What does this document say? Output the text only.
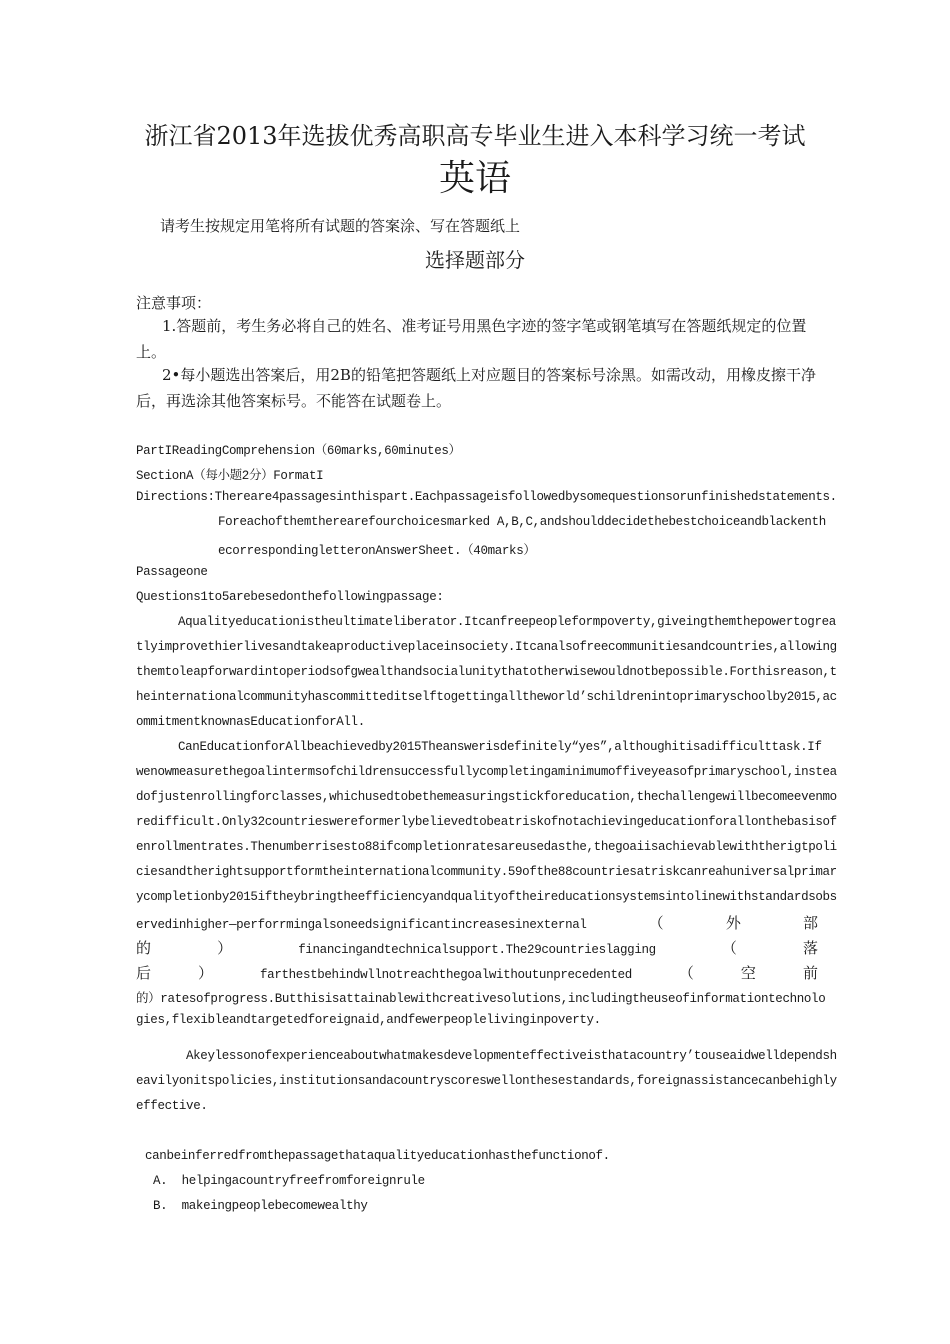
浙江省2013年选拔优秀高职高专毕业生进入本科学习统一考试
英语

请考生按规定用笔将所有试题的答案涂、写在答题纸上

选择题部分

注意事项：

1.答题前，考生务必将自己的姓名、准考证号用黑色字迹的签字笔或钢笔填写在答题纸规定的位置上。

2•每小题选出答案后，用2B的铅笔把答题纸上对应题目的答案标号涂黑。如需改动，用橡皮擦干净后，再选涂其他答案标号。不能答在试题卷上。

PartIReadingComprehension（60marks,60minutes）

SectionA（每小题2分）FormatI

Directions:Thereare4passagesinthispart.Eachpassageisfollowedbysomequestionsorunfinishedstatements.

Foreachofthemtherearefourchoicesmarked A,B,C,andshoulddecidethebestchoiceandblackenth

ecorrespondingletteronAnswerSheet.（40marks）

Passageone

Questions1to5arebesedonthefollowingpassage:

Aqualityeducationistheultimateliberator.Itcanfreepeopleformpoverty,giveingthemthepowertogrea

tlyimprovethierlivesandtakeaproductiveplaceinsociety.Itcanalsofreecommunitiesandcountries,allowing

themtoleapforwardintoperiodsofgwealthandsocialunitythatotherwisewouldnotbepossible.Forthisreason,t

heinternationalcommunityhascommitteditselftogettingalltheworld’schildrenintoprimaryschoolby2015,ac

ommitmentknownasEducationforAll.

CanEducationforAllbeachievedby2015Theanswerisdefinitely“yes”,althoughitisadifficulttask.If

wenowmeasurethegoalintermsofchildrensuccessfullycompletingaminimumoffiveyeasofprimaryschool,instea

dofjustenrollingforclasses,whichusedtobethemeasuringstickforeducation,thechallengewillbecomeevenmo

redifficult.Only32countrieswereformerlybelievedtobeatriskofnotachievingeducationforallonthebasisof

enrollmentrates.Thenumberrisesto88ifcompletionratesareusedasthe,thegoaiisachievablewiththerigtpoli

ciesandtherightsupportformtheinternationalcommunity.59ofthe88countriesatriskcanreahuniversalprimar

ycompletionby2015iftheybringtheefficiencyandqualityoftheireducationsystemsintolinewithstandardsobs

ervedinhigher—perforrmingalsoneedsignificantincreasesinexternal	（	外	部
的	）	financingandtechnicalsupport.The29countrieslagging	（	落
后	）	farthestbehindwllnotreachthegoalwithoutunprecedented	（	空	前

的）ratesofprogress.Butthisisattainablewithcreativesolutions,includingtheuseofinformationtechnolo

gies,flexibleandtargetedforeignaid,andfewerpeoplelivinginpoverty.

Akeylessonofexperienceaboutwhatmakesdevelopmenteffectiveisthatacountry’touseaidwelldependsh

eavilyonitspolicies,institutionsandacountryscoreswellonthesestandards,foreignassistancecanbehighly

effective.

canbeinferredfromthepassagethataqualityeducationhasthefunctionof.

A. helpingacountryfreefromforeignrule

B. makeingpeoplebecomewealthy
